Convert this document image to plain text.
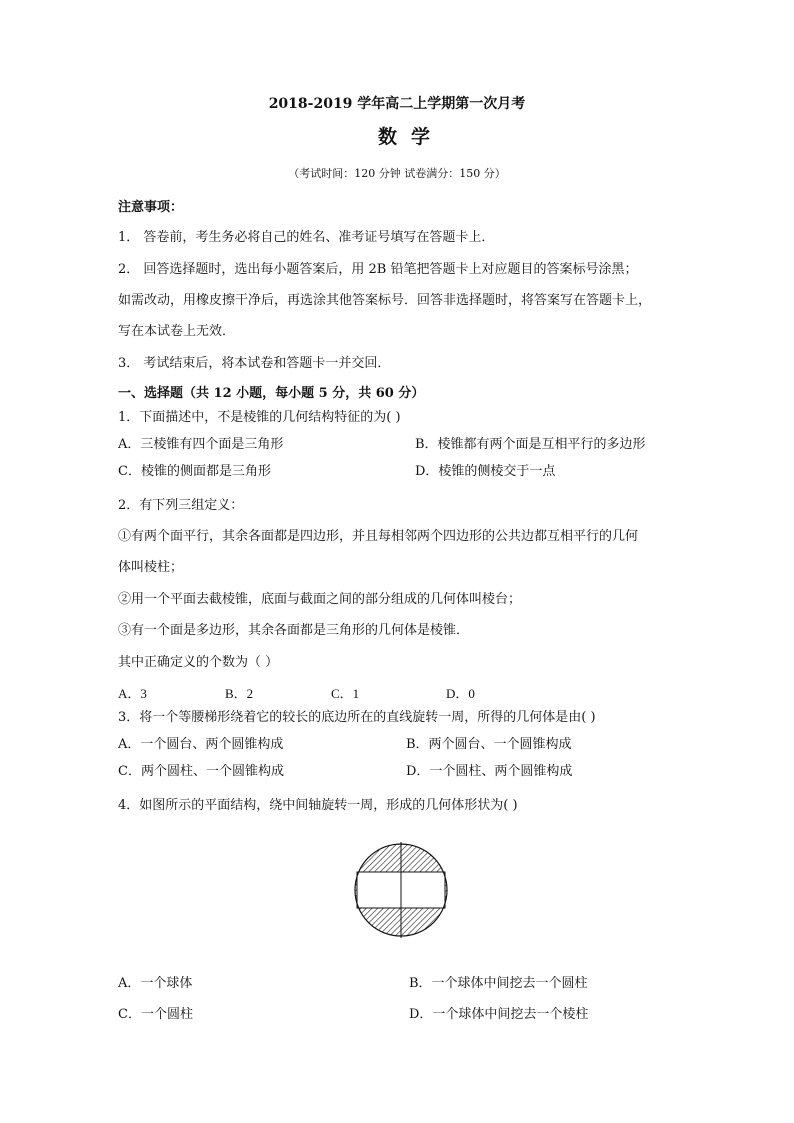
2018-2019 学年高二上学期第一次月考
数学
（考试时间：120 分钟 试卷满分：150 分）
注意事项：
1． 答卷前，考生务必将自己的姓名、准考证号填写在答题卡上．
2． 回答选择题时，选出每小题答案后，用 2B 铅笔把答题卡上对应题目的答案标号涂黑；
如需改动，用橡皮擦干净后，再选涂其他答案标号．回答非选择题时，将答案写在答题卡上，
写在本试卷上无效．
3． 考试结束后，将本试卷和答题卡一并交回．
一、选择题（共 12 小题，每小题 5 分，共 60 分）
1．下面描述中，不是棱锥的几何结构特征的为( )
A．三棱锥有四个面是三角形	B．棱锥都有两个面是互相平行的多边形
C．棱锥的侧面都是三角形	D．棱锥的侧棱交于一点
2．有下列三组定义：
①有两个面平行，其余各面都是四边形，并且每相邻两个四边形的公共边都互相平行的几何
体叫棱柱；
②用一个平面去截棱锥，底面与截面之间的部分组成的几何体叫棱台；
③有一个面是多边形，其余各面都是三角形的几何体是棱锥．
其中正确定义的个数为（ ）
A．3	B．2	C．1	D．0
3．将一个等腰梯形绕着它的较长的底边所在的直线旋转一周，所得的几何体是由( )
A．一个圆台、两个圆锥构成	B．两个圆台、一个圆锥构成
C．两个圆柱、一个圆锥构成	D．一个圆柱、两个圆锥构成
4．如图所示的平面结构，绕中间轴旋转一周，形成的几何体形状为( )
A．一个球体	B．一个球体中间挖去一个圆柱
C．一个圆柱	D．一个球体中间挖去一个棱柱
